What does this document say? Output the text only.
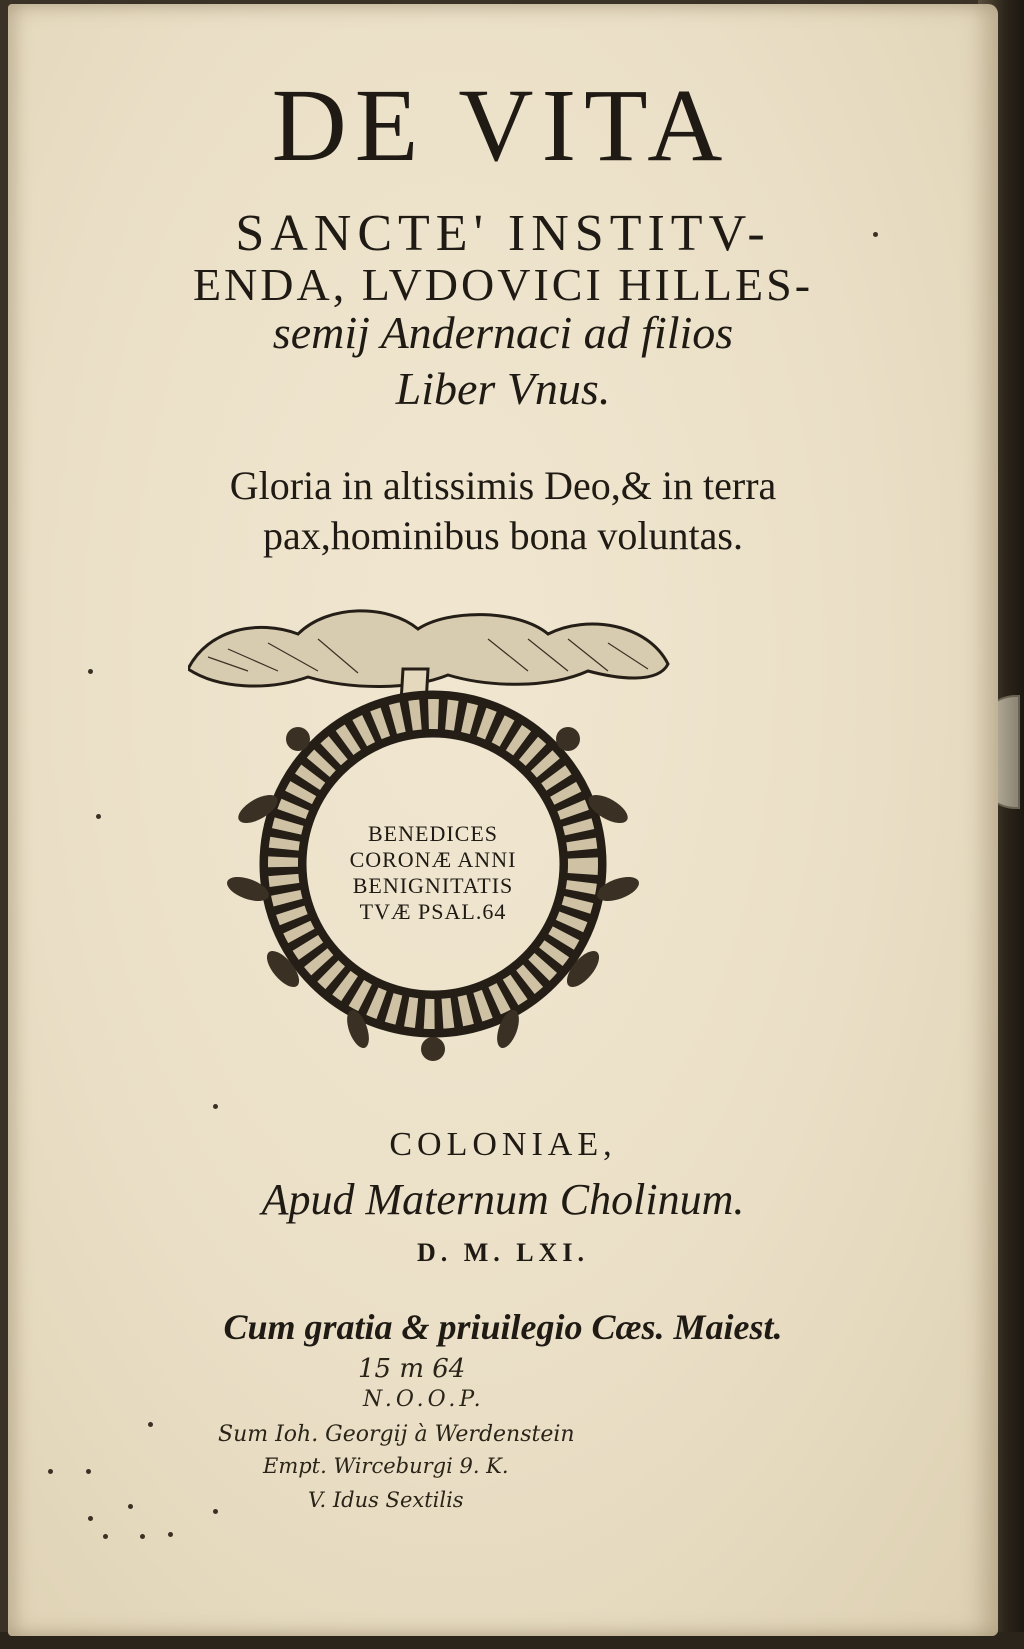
DE VITA
SANCTE' INSTITV-
ENDA, LVDOVICI HILLES-
semij Andernaci ad filios
Liber Vnus.
Gloria in altissimis Deo,& in terra
pax,hominibus bona voluntas.
BENEDICES
CORONÆ ANNI
BENIGNITATIS
TVÆ PSAL.64
COLONIAE,
Apud Maternum Cholinum.
D. M. LXI.
Cum gratia & priuilegio Cæs. Maiest.
15 m 64
N.O.O.P.
Sum Ioh. Georgij à Werdenstein
Empt. Wirceburgi 9. K.
V. Idus Sextilis
